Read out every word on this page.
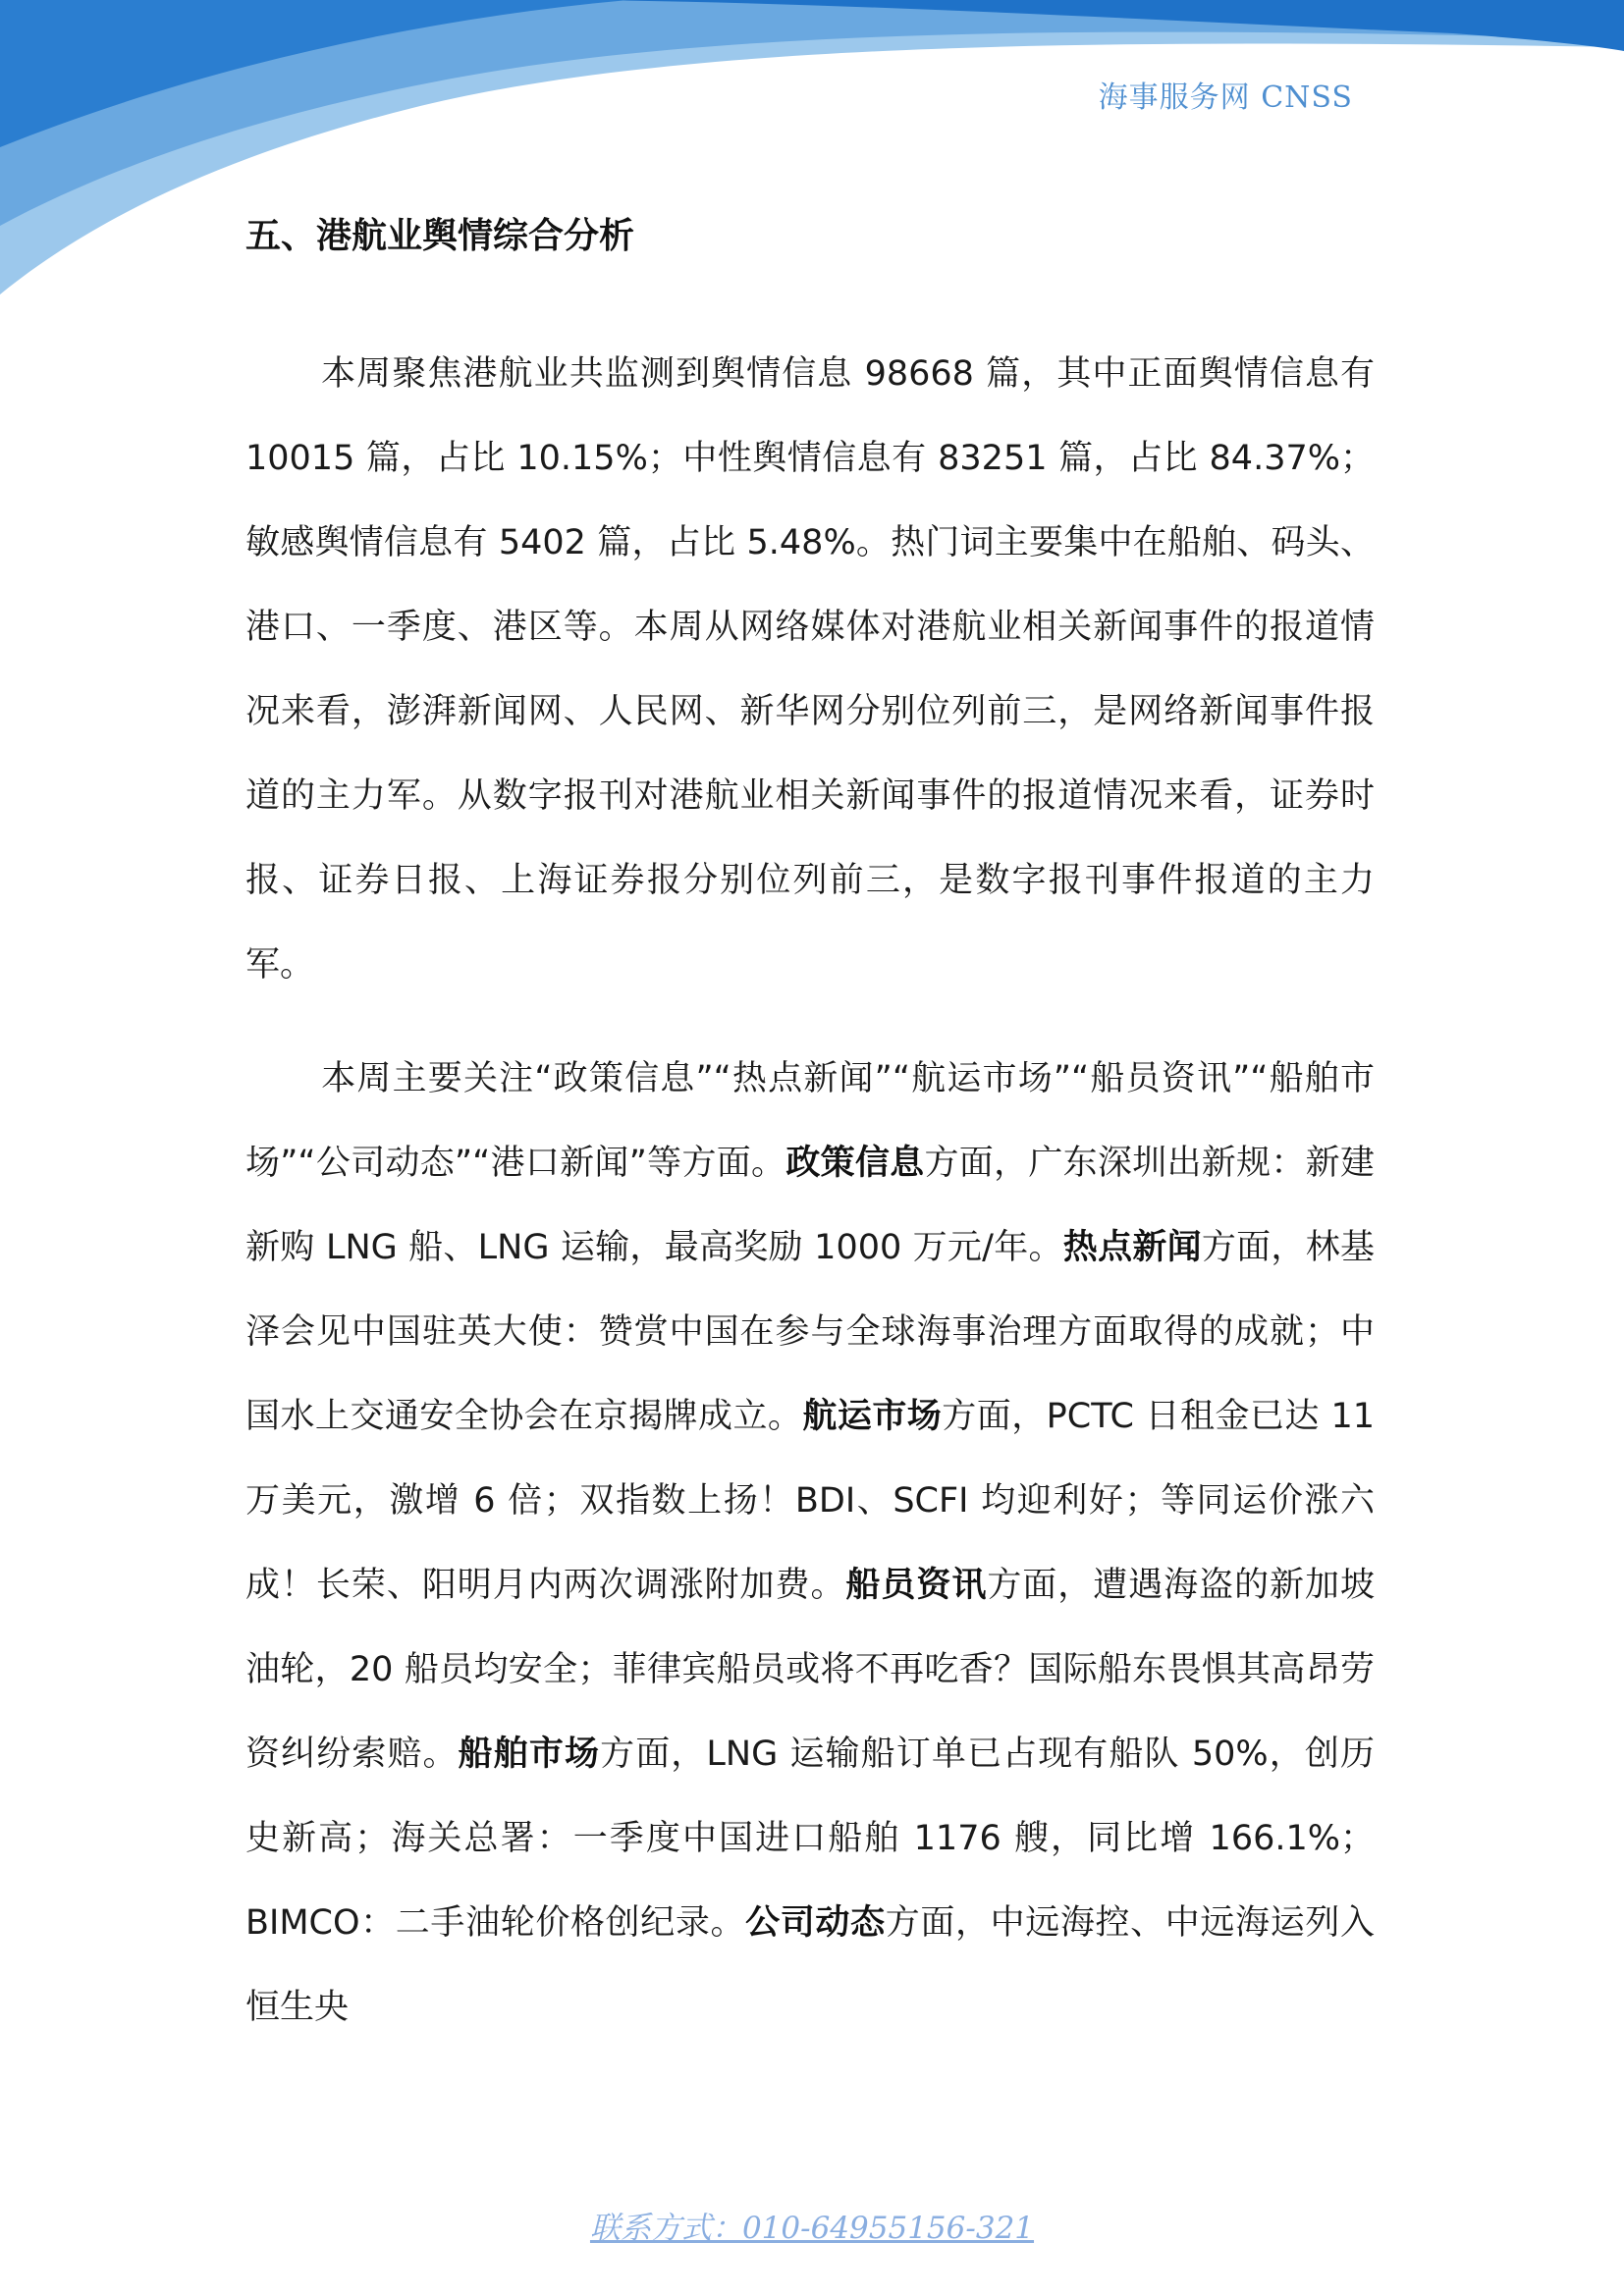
海事服务网 CNSS
五、港航业舆情综合分析

本周聚焦港航业共监测到舆情信息 98668 篇，其中正面舆情信息有 10015 篇，占比 10.15%；中性舆情信息有 83251 篇，占比 84.37%；敏感舆情信息有 5402 篇，占比 5.48%。热门词主要集中在船舶、码头、港口、一季度、港区等。本周从网络媒体对港航业相关新闻事件的报道情况来看，澎湃新闻网、人民网、新华网分别位列前三，是网络新闻事件报道的主力军。从数字报刊对港航业相关新闻事件的报道情况来看，证券时报、证券日报、上海证券报分别位列前三，是数字报刊事件报道的主力军。

本周主要关注“政策信息”“热点新闻”“航运市场”“船员资讯”“船舶市场”“公司动态”“港口新闻”等方面。政策信息方面，广东深圳出新规：新建新购 LNG 船、LNG 运输，最高奖励 1000 万元/年。热点新闻方面，林基泽会见中国驻英大使：赞赏中国在参与全球海事治理方面取得的成就；中国水上交通安全协会在京揭牌成立。航运市场方面，PCTC 日租金已达 11 万美元，激增 6 倍；双指数上扬！BDI、SCFI 均迎利好；等同运价涨六成！长荣、阳明月内两次调涨附加费。船员资讯方面，遭遇海盗的新加坡油轮，20 船员均安全；菲律宾船员或将不再吃香？国际船东畏惧其高昂劳资纠纷索赔。船舶市场方面，LNG 运输船订单已占现有船队 50%，创历史新高；海关总署：一季度中国进口船舶 1176 艘，同比增 166.1%；BIMCO：二手油轮价格创纪录。公司动态方面，中远海控、中远海运列入恒生央

联系方式：010-64955156-321
